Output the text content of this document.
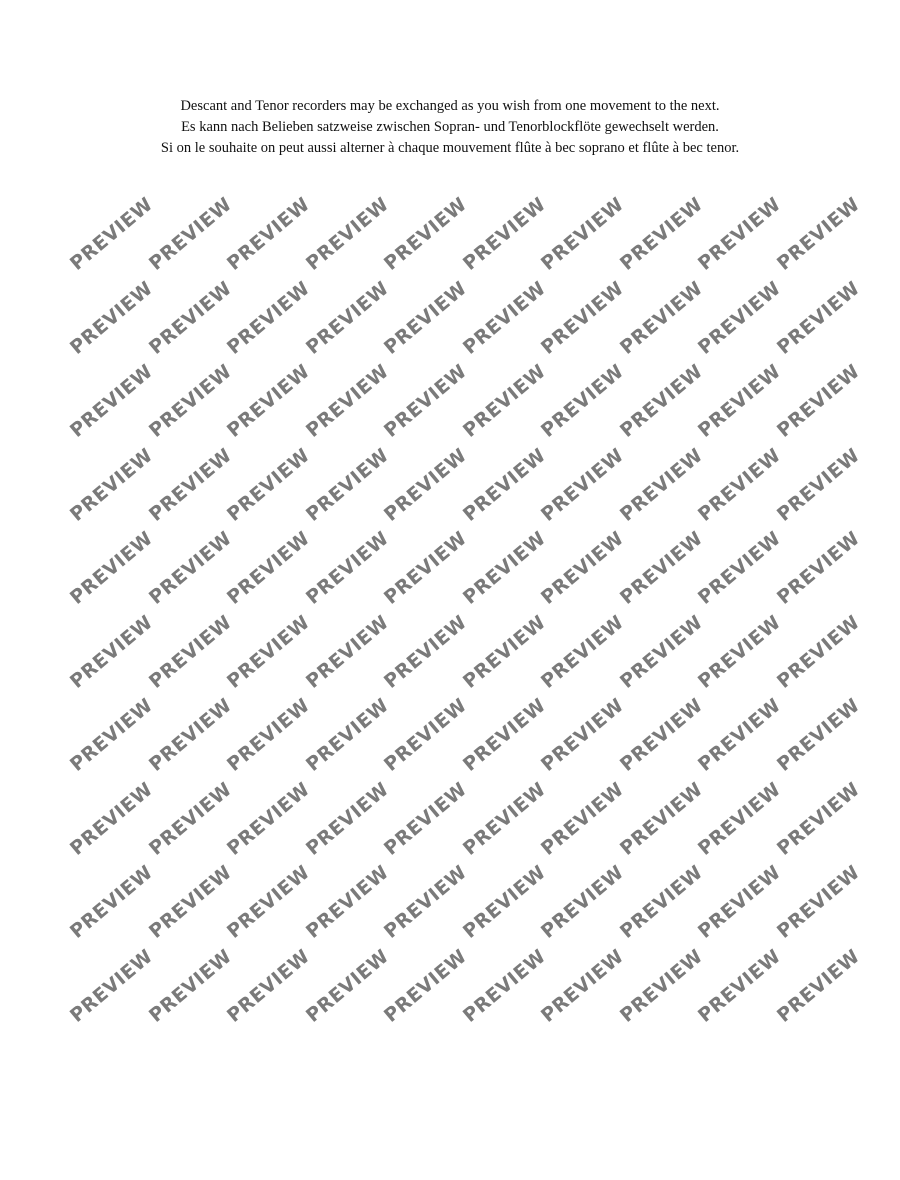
Descant and Tenor recorders may be exchanged as you wish from one movement to the next.

Es kann nach Belieben satzweise zwischen Sopran- und Tenorblockflöte gewechselt werden.

Si on le souhaite on peut aussi alterner à chaque mouvement flûte à bec soprano et flûte à bec tenor.

PREVIEW
PREVIEW
PREVIEW
PREVIEW
PREVIEW
PREVIEW
PREVIEW
PREVIEW
PREVIEW
PREVIEW
PREVIEW
PREVIEW
PREVIEW
PREVIEW
PREVIEW
PREVIEW
PREVIEW
PREVIEW
PREVIEW
PREVIEW
PREVIEW
PREVIEW
PREVIEW
PREVIEW
PREVIEW
PREVIEW
PREVIEW
PREVIEW
PREVIEW
PREVIEW
PREVIEW
PREVIEW
PREVIEW
PREVIEW
PREVIEW
PREVIEW
PREVIEW
PREVIEW
PREVIEW
PREVIEW
PREVIEW
PREVIEW
PREVIEW
PREVIEW
PREVIEW
PREVIEW
PREVIEW
PREVIEW
PREVIEW
PREVIEW
PREVIEW
PREVIEW
PREVIEW
PREVIEW
PREVIEW
PREVIEW
PREVIEW
PREVIEW
PREVIEW
PREVIEW
PREVIEW
PREVIEW
PREVIEW
PREVIEW
PREVIEW
PREVIEW
PREVIEW
PREVIEW
PREVIEW
PREVIEW
PREVIEW
PREVIEW
PREVIEW
PREVIEW
PREVIEW
PREVIEW
PREVIEW
PREVIEW
PREVIEW
PREVIEW
PREVIEW
PREVIEW
PREVIEW
PREVIEW
PREVIEW
PREVIEW
PREVIEW
PREVIEW
PREVIEW
PREVIEW
PREVIEW
PREVIEW
PREVIEW
PREVIEW
PREVIEW
PREVIEW
PREVIEW
PREVIEW
PREVIEW
PREVIEW
